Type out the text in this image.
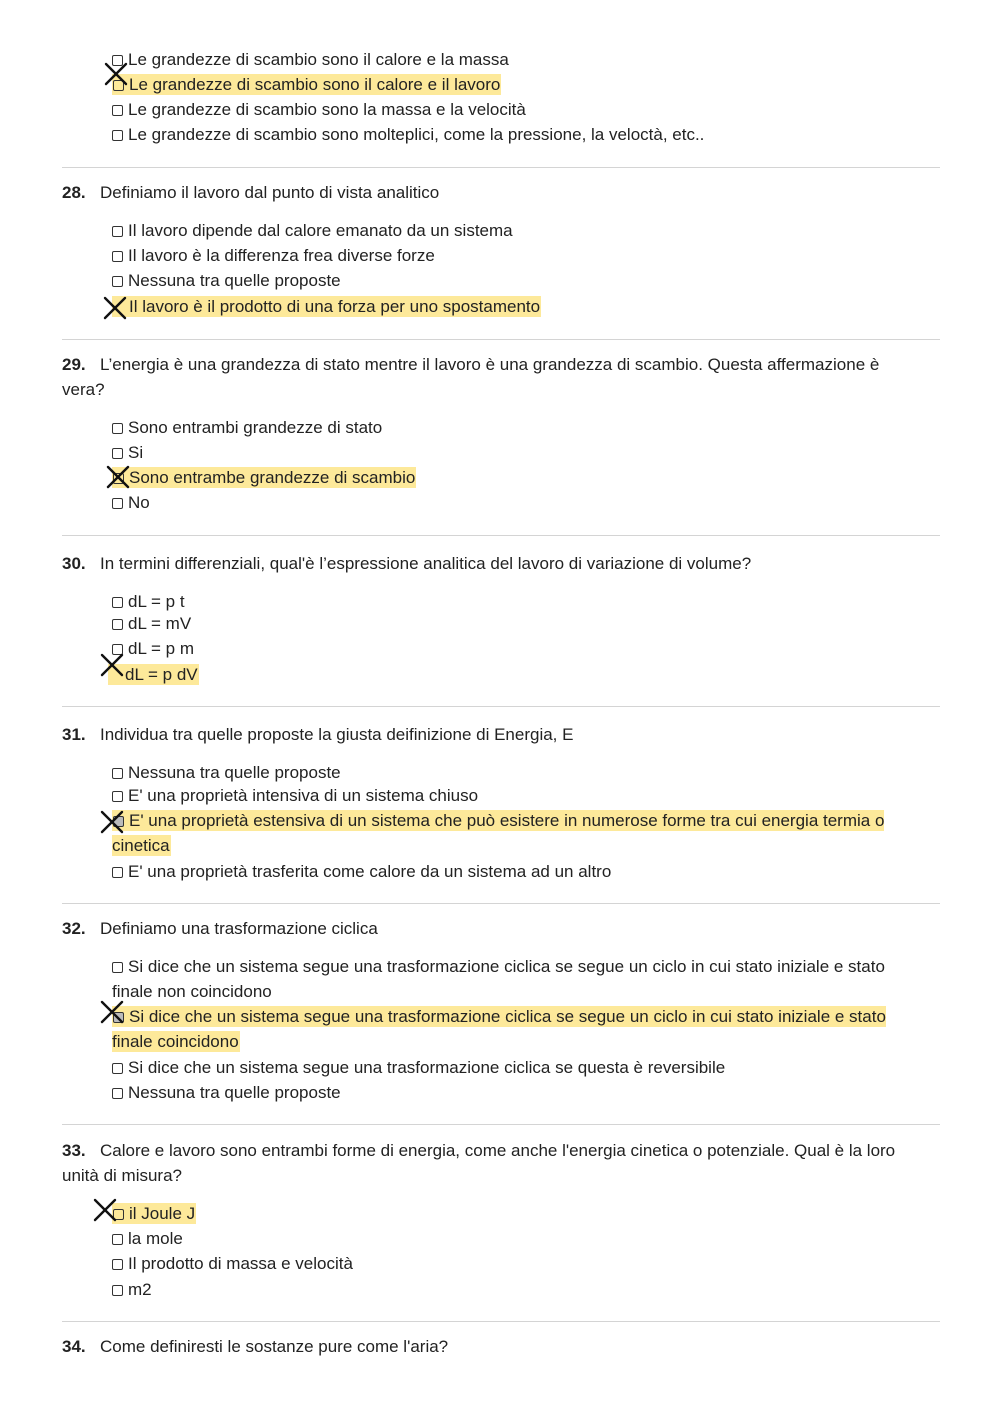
Le grandezze di scambio sono il calore e la massa
Le grandezze di scambio sono il calore e il lavoro
Le grandezze di scambio sono la massa e la velocità
Le grandezze di scambio sono molteplici, come la pressione, la veloctà, etc..
28. Definiamo il lavoro dal punto di vista analitico
Il lavoro dipende dal calore emanato da un sistema
Il lavoro è la differenza frea diverse forze
Nessuna tra quelle proposte
Il lavoro è il prodotto di una forza per uno spostamento
29. L’energia è una grandezza di stato mentre il lavoro è una grandezza di scambio. Questa affermazione è vera?
Sono entrambi grandezze di stato
Si
Sono entrambe grandezze di scambio
No
30. In termini differenziali, qual'è l’espressione analitica del lavoro di variazione di volume?
dL = p t
dL = mV
dL = p m
dL = p dV
31. Individua tra quelle proposte la giusta deifinizione di Energia, E
Nessuna tra quelle proposte
E' una proprietà intensiva di un sistema chiuso
E' una proprietà estensiva di un sistema che può esistere in numerose forme tra cui energia termia o cinetica
E' una proprietà trasferita come calore da un sistema ad un altro
32. Definiamo una trasformazione ciclica
Si dice che un sistema segue una trasformazione ciclica se segue un ciclo in cui stato iniziale e stato finale non coincidono
Si dice che un sistema segue una trasformazione ciclica se segue un ciclo in cui stato iniziale e stato finale coincidono
Si dice che un sistema segue una trasformazione ciclica se questa è reversibile
Nessuna tra quelle proposte
33. Calore e lavoro sono entrambi forme di energia, come anche l'energia cinetica o potenziale. Qual è la loro unità di misura?
il Joule J
la mole
Il prodotto di massa e velocità
m2
34. Come definiresti le sostanze pure come l'aria?
